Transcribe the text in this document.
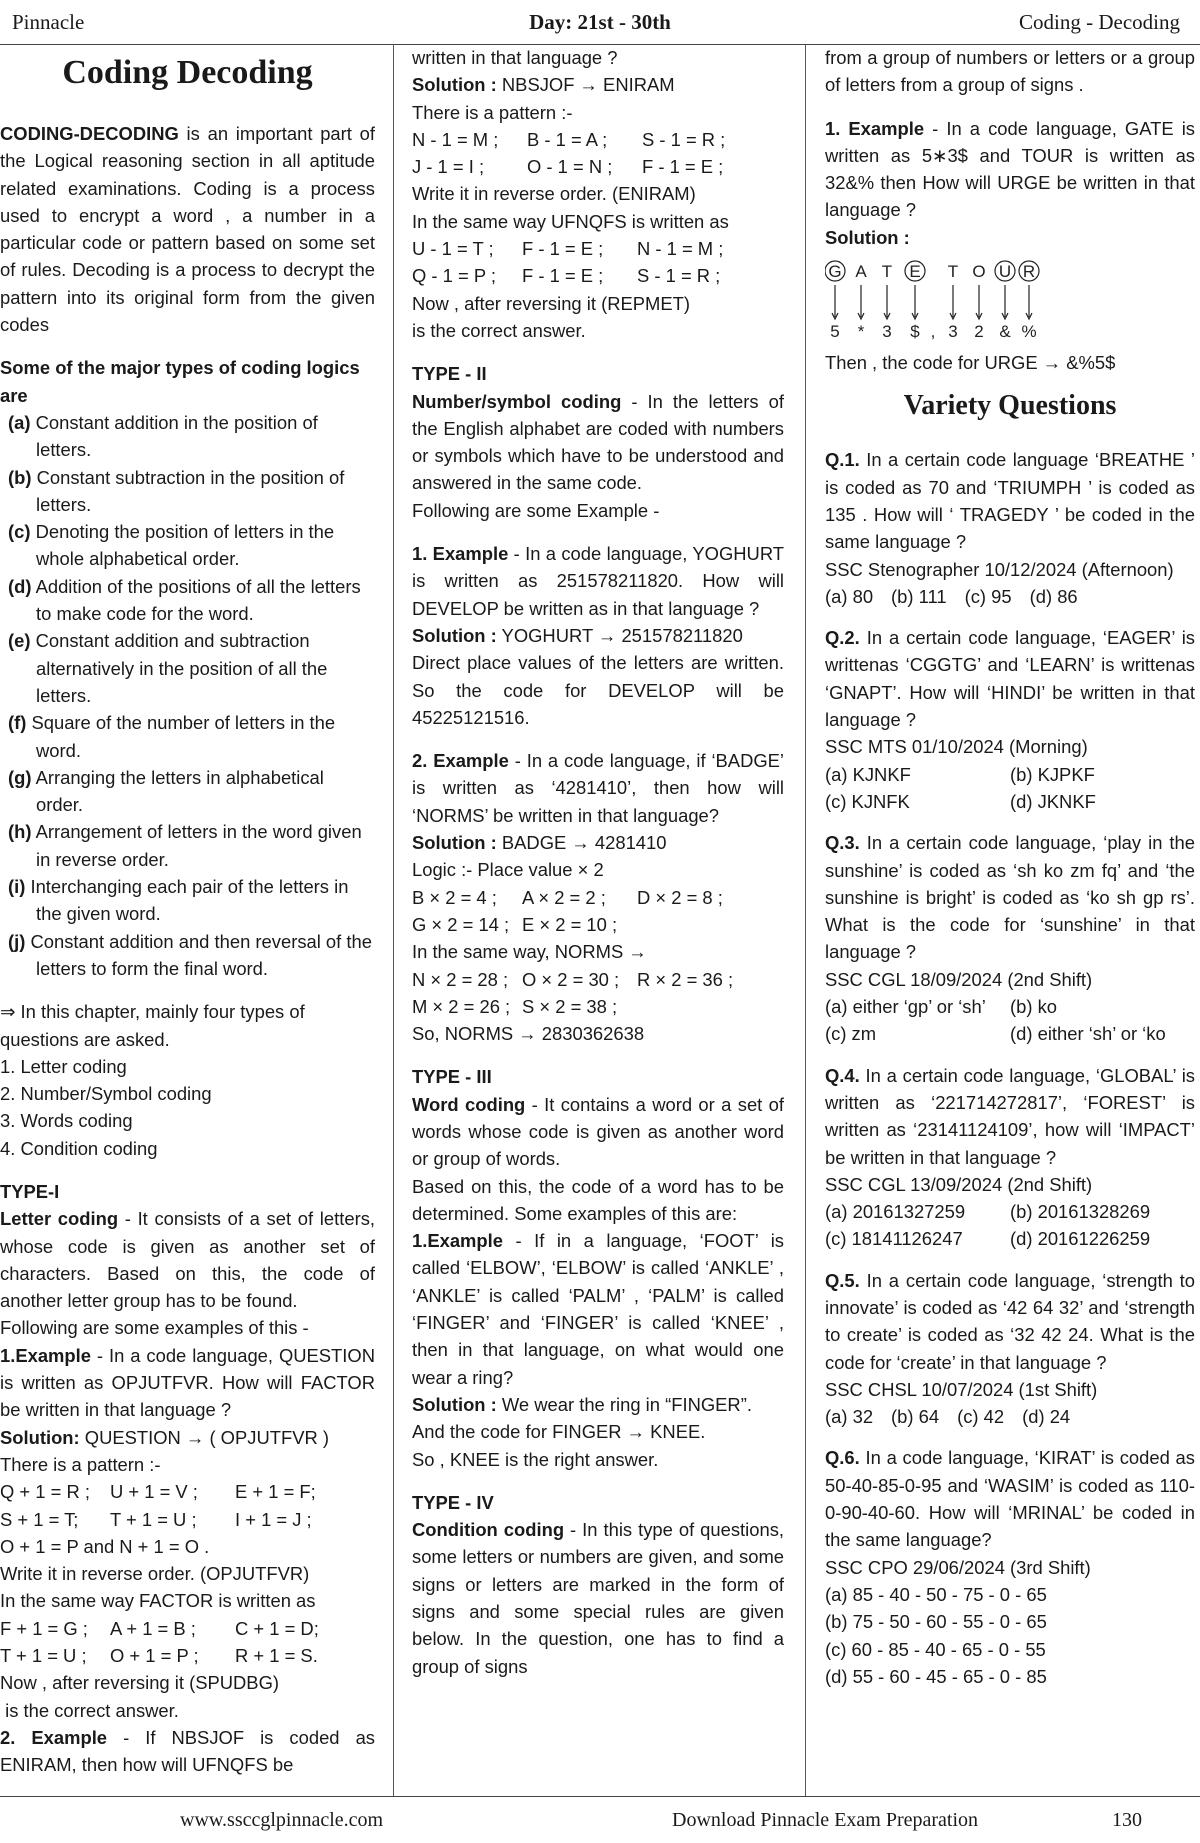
Pinnacle	Day: 21st - 30th	Coding - Decoding
Coding Decoding
CODING-DECODING is an important part of the Logical reasoning section in all aptitude related examinations. Coding is a process used to encrypt a word , a number in a particular code or pattern based on some set of rules. Decoding is a process to decrypt the pattern into its original form from the given codes
Some of the major types of coding logics are
(a) Constant addition in the position of letters.
(b) Constant subtraction in the position of letters.
(c) Denoting the position of letters in the whole alphabetical order.
(d) Addition of the positions of all the letters to make code for the word.
(e) Constant addition and subtraction alternatively in the position of all the letters.
(f) Square of the number of letters in the word.
(g) Arranging the letters in alphabetical order.
(h) Arrangement of letters in the word given in reverse order.
(i) Interchanging each pair of the letters in the given word.
(j) Constant addition and then reversal of the letters to form the final word.
⇒ In this chapter, mainly four types of questions are asked.
1. Letter coding
2. Number/Symbol coding
3. Words coding
4. Condition coding
TYPE-I
Letter coding - It consists of a set of letters, whose code is given as another set of characters. Based on this, the code of another letter group has to be found.
Following are some examples of this -
1.Example - In a code language, QUESTION is written as OPJUTFVR. How will FACTOR be written in that language ?
Solution: QUESTION → ( OPJUTFVR )
There is a pattern :-
Q + 1 = R ;	U + 1 = V ;	E + 1 = F;
S + 1 = T;	T + 1 = U ;	I + 1 = J ;
O + 1 = P and N + 1 = O .
Write it in reverse order. (OPJUTFVR)
In the same way FACTOR is written as
F + 1 = G ;	A + 1 = B ;	C + 1 = D;
T + 1 = U ;	O + 1 = P ;	R + 1 = S.
Now , after reversing it (SPUDBG)
is the correct answer.
2. Example - If NBSJOF is coded as ENIRAM, then how will UFNQFS be
written in that language ?
Solution : NBSJOF → ENIRAM
There is a pattern :-
N - 1 = M ;	B - 1 = A ;	S - 1 = R ;
J - 1 = I ;	O - 1 = N ;	F - 1 = E ;
Write it in reverse order. (ENIRAM)
In the same way UFNQFS is written as
U - 1 = T ;	F - 1 = E ;	N - 1 = M ;
Q - 1 = P ;	F - 1 = E ;	S - 1 = R ;
Now , after reversing it (REPMET)
is the correct answer.
TYPE - II
Number/symbol coding - In the letters of the English alphabet are coded with numbers or symbols which have to be understood and answered in the same code.
Following are some Example -
1. Example - In a code language, YOGHURT is written as 251578211820. How will DEVELOP be written as in that language ?
Solution : YOGHURT → 251578211820
Direct place values of the letters are written. So the code for DEVELOP will be 45225121516.
2. Example - In a code language, if ‘BADGE’ is written as ‘4281410’, then how will ‘NORMS’ be written in that language?
Solution : BADGE → 4281410
Logic :- Place value × 2
B × 2 = 4 ;	A × 2 = 2 ;	D × 2 = 8 ;
G × 2 = 14 ; E × 2 = 10 ;
In the same way, NORMS →
N × 2 = 28 ; O × 2 = 30 ; R × 2 = 36 ;
M × 2 = 26 ; S × 2 = 38 ;
So, NORMS → 2830362638
TYPE - III
Word coding - It contains a word or a set of words whose code is given as another word or group of words.
Based on this, the code of a word has to be determined. Some examples of this are:
1.Example - If in a language, ‘FOOT’ is called ‘ELBOW’, ‘ELBOW’ is called ‘ANKLE’ , ‘ANKLE’ is called ‘PALM’ , ‘PALM’ is called ‘FINGER’ and ‘FINGER’ is called ‘KNEE’ , then in that language, on what would one wear a ring?
Solution : We wear the ring in “FINGER”.
And the code for FINGER → KNEE.
So , KNEE is the right answer.
TYPE - IV
Condition coding - In this type of questions, some letters or numbers are given, and some signs or letters are marked in the form of signs and some special rules are given below. In the question, one has to find a group of signs
from a group of numbers or letters or a group of letters from a group of signs .
1. Example - In a code language, GATE is written as 5∗3$ and TOUR is written as 32&% then How will URGE be written in that language ?
Solution :
G A T E T O U R
5 * 3 $ , 3 2 & %
Then , the code for URGE → &%5$
Variety Questions
Q.1. In a certain code language ‘BREATHE ’ is coded as 70 and ‘TRIUMPH ’ is coded as 135 . How will ‘ TRAGEDY ’ be coded in the same language ?
SSC Stenographer 10/12/2024 (Afternoon)
(a) 80 (b) 111 (c) 95 (d) 86
Q.2. In a certain code language, ‘EAGER’ is writtenas ‘CGGTG’ and ‘LEARN’ is writtenas ‘GNAPT’. How will ‘HINDI’ be written in that language ?
SSC MTS 01/10/2024 (Morning)
(a) KJNKF	(b) KJPKF
(c) KJNFK	(d) JKNKF
Q.3. In a certain code language, ‘play in the sunshine’ is coded as ‘sh ko zm fq’ and ‘the sunshine is bright’ is coded as ‘ko sh gp rs’. What is the code for ‘sunshine’ in that language ?
SSC CGL 18/09/2024 (2nd Shift)
(a) either ‘gp’ or ‘sh’	(b) ko
(c) zm	(d) either ‘sh’ or ‘ko
Q.4. In a certain code language, ‘GLOBAL’ is written as ‘221714272817’, ‘FOREST’ is written as ‘23141124109’, how will ‘IMPACT’ be written in that language ?
SSC CGL 13/09/2024 (2nd Shift)
(a) 20161327259	(b) 20161328269
(c) 18141126247	(d) 20161226259
Q.5. In a certain code language, ‘strength to innovate’ is coded as ‘42 64 32’ and ‘strength to create’ is coded as ‘32 42 24. What is the code for ‘create’ in that language ?
SSC CHSL 10/07/2024 (1st Shift)
(a) 32 (b) 64 (c) 42 (d) 24
Q.6. In a code language, ‘KIRAT’ is coded as 50-40-85-0-95 and ‘WASIM’ is coded as 110-0-90-40-60. How will ‘MRINAL’ be coded in the same language?
SSC CPO 29/06/2024 (3rd Shift)
(a) 85 - 40 - 50 - 75 - 0 - 65
(b) 75 - 50 - 60 - 55 - 0 - 65
(c) 60 - 85 - 40 - 65 - 0 - 55
(d) 55 - 60 - 45 - 65 - 0 - 85
www.ssccglpinnacle.com	Download Pinnacle Exam Preparation	130
